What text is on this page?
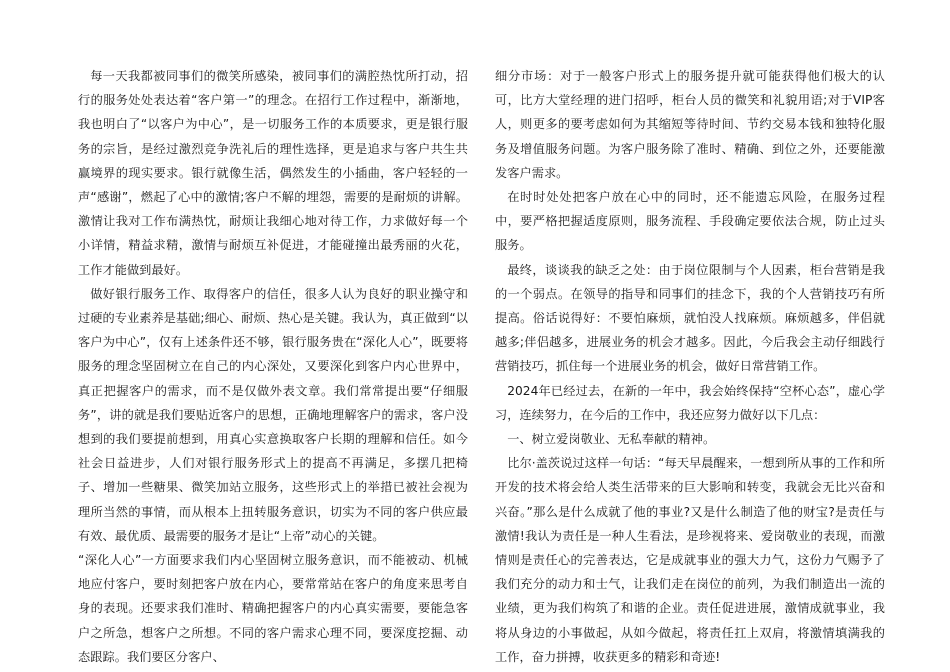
每一天我都被同事们的微笑所感染，被同事们的满腔热忱所打动，招行的服务处处表达着“客户第一”的理念。在招行工作过程中，渐渐地，我也明白了“以客户为中心”，是一切服务工作的本质要求，更是银行服务的宗旨，是经过激烈竞争洗礼后的理性选择，更是追求与客户共生共赢境界的现实要求。银行就像生活，偶然发生的小插曲，客户轻轻的一声“感谢”，燃起了心中的激情;客户不解的埋怨，需要的是耐烦的讲解。激情让我对工作布满热忱，耐烦让我细心地对待工作，力求做好每一个小详情，精益求精，激情与耐烦互补促进，才能碰撞出最秀丽的火花，工作才能做到最好。

做好银行服务工作、取得客户的信任，很多人认为良好的职业操守和过硬的专业素养是基础;细心、耐烦、热心是关键。我认为，真正做到“以客户为中心”，仅有上述条件还不够，银行服务贵在“深化人心”，既要将服务的理念坚固树立在自己的内心深处，又要深化到客户内心世界中，真正把握客户的需求，而不是仅做外表文章。我们常常提出要“仔细服务”，讲的就是我们要贴近客户的思想，正确地理解客户的需求，客户没想到的我们要提前想到，用真心实意换取客户长期的理解和信任。如今社会日益进步，人们对银行服务形式上的提高不再满足，多摆几把椅子、增加一些糖果、微笑加站立服务，这些形式上的举措已被社会视为理所当然的事情，而从根本上扭转服务意识，切实为不同的客户供应最有效、最优质、最需要的服务才是让“上帝”动心的关键。

“深化人心”一方面要求我们内心坚固树立服务意识，而不能被动、机械地应付客户，要时刻把客户放在内心，要常常站在客户的角度来思考自身的表现。还要求我们准时、精确把握客户的内心真实需要，要能急客户之所急，想客户之所想。不同的客户需求心理不同，要深度挖掘、动态跟踪。我们要区分客户、

细分市场：对于一般客户形式上的服务提升就可能获得他们极大的认可，比方大堂经理的进门招呼，柜台人员的微笑和礼貌用语;对于VIP客人，则更多的要考虑如何为其缩短等待时间、节约交易本钱和独特化服务及增值服务问题。为客户服务除了准时、精确、到位之外，还要能激发客户需求。

在时时处处把客户放在心中的同时，还不能遗忘风险，在服务过程中，要严格把握适度原则，服务流程、手段确定要依法合规，防止过头服务。

最终，谈谈我的缺乏之处：由于岗位限制与个人因素，柜台营销是我的一个弱点。在领导的指导和同事们的挂念下，我的个人营销技巧有所提高。俗话说得好：不要怕麻烦，就怕没人找麻烦。麻烦越多，伴侣就越多;伴侣越多，进展业务的机会才越多。因此，今后我会主动仔细践行营销技巧，抓住每一个进展业务的机会，做好日常营销工作。

2024年已经过去，在新的一年中，我会始终保持“空杯心态”，虚心学习，连续努力，在今后的工作中，我还应努力做好以下几点：

一、树立爱岗敬业、无私奉献的精神。

比尔·盖茨说过这样一句话：“每天早晨醒来，一想到所从事的工作和所开发的技术将会给人类生活带来的巨大影响和转变，我就会无比兴奋和兴奋。”那么是什么成就了他的事业?又是什么制造了他的财宝?是责任与激情!我认为责任是一种人生看法，是珍视将来、爱岗敬业的表现，而激情则是责任心的完善表达，它是成就事业的强大力气，这份力气赐予了我们充分的动力和士气，让我们走在岗位的前列，为我们制造出一流的业绩，更为我们构筑了和谐的企业。责任促进进展，激情成就事业，我将从身边的小事做起，从如今做起，将责任扛上双肩，将激情填满我的工作，奋力拼搏，收获更多的精彩和奇迹!
